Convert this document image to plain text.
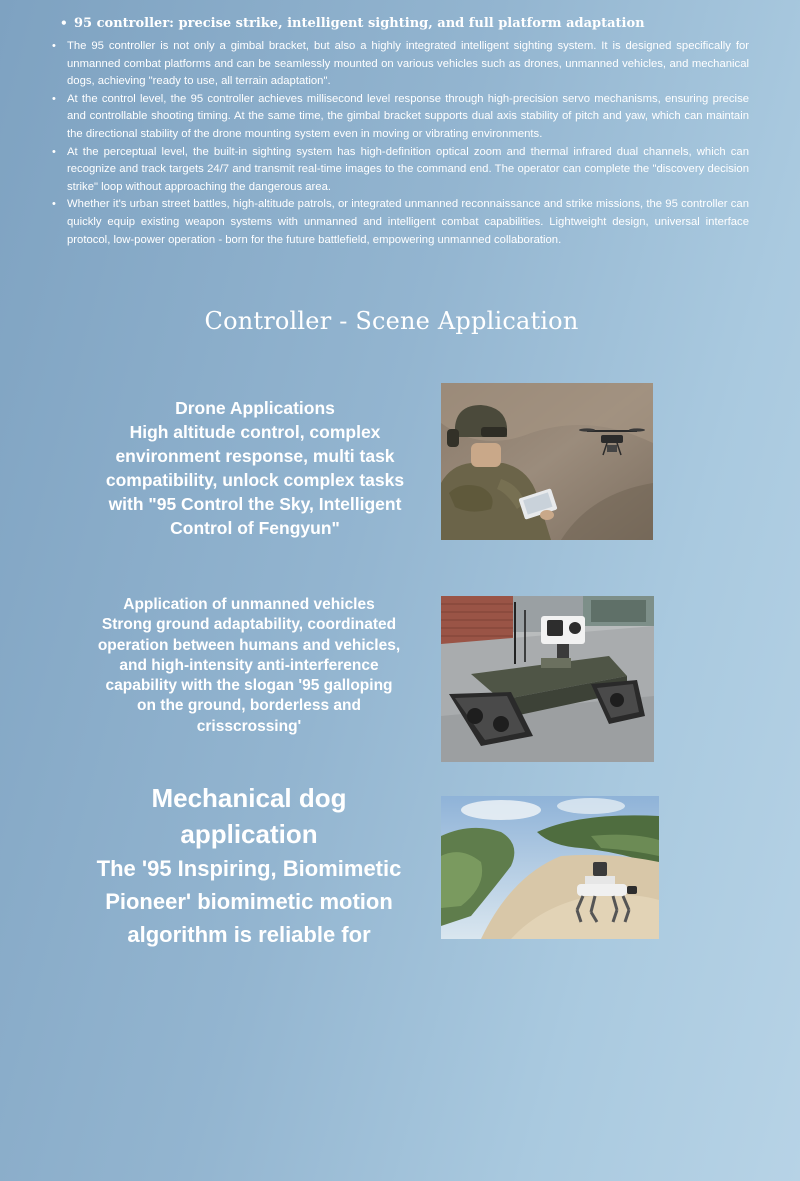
• 95 controller: precise strike, intelligent sighting, and full platform adaptation
• The 95 controller is not only a gimbal bracket, but also a highly integrated intelligent sighting system. It is designed specifically for unmanned combat platforms and can be seamlessly mounted on various vehicles such as drones, unmanned vehicles, and mechanical dogs, achieving "ready to use, all terrain adaptation".
• At the control level, the 95 controller achieves millisecond level response through high-precision servo mechanisms, ensuring precise and controllable shooting timing. At the same time, the gimbal bracket supports dual axis stability of pitch and yaw, which can maintain the directional stability of the drone mounting system even in moving or vibrating environments.
• At the perceptual level, the built-in sighting system has high-definition optical zoom and thermal infrared dual channels, which can recognize and track targets 24/7 and transmit real-time images to the command end. The operator can complete the "discovery decision strike" loop without approaching the dangerous area.
• Whether it's urban street battles, high-altitude patrols, or integrated unmanned reconnaissance and strike missions, the 95 controller can quickly equip existing weapon systems with unmanned and intelligent combat capabilities. Lightweight design, universal interface protocol, low-power operation - born for the future battlefield, empowering unmanned collaboration.
Controller - Scene Application
Drone Applications
High altitude control, complex environment response, multi task compatibility, unlock complex tasks with "95 Control the Sky, Intelligent Control of Fengyun"
Application of unmanned vehicles
Strong ground adaptability, coordinated operation between humans and vehicles, and high-intensity anti-interference capability with the slogan '95 galloping on the ground, borderless and crisscrossing'
Mechanical dog application
The '95 Inspiring, Biomimetic Pioneer' biomimetic motion algorithm is reliable for
